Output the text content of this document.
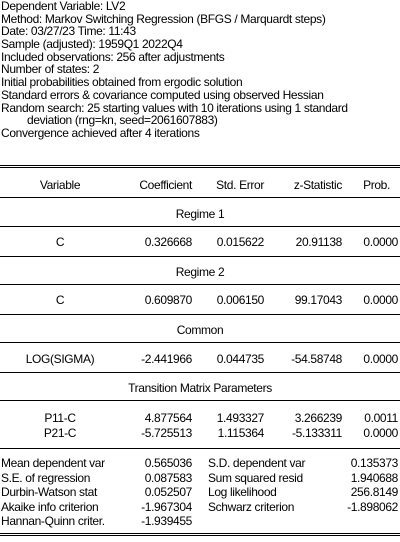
Dependent Variable: LV2
Method: Markov Switching Regression (BFGS / Marquardt steps)
Date: 03/27/23 Time: 11:43
Sample (adjusted): 1959Q1 2022Q4
Included observations: 256 after adjustments
Number of states: 2
Initial probabilities obtained from ergodic solution
Standard errors & covariance computed using observed Hessian
Random search: 25 starting values with 10 iterations using 1 standard
deviation (rng=kn, seed=2061607883)
Convergence achieved after 4 iterations
Variable	Coefficient	Std. Error	z-Statistic	Prob.
Regime 1
C	0.326668	0.015622	20.91138	0.0000
Regime 2
C	0.609870	0.006150	99.17043	0.0000
Common
LOG(SIGMA)	-2.441966	0.044735	-54.58748	0.0000
Transition Matrix Parameters
P11-C	4.877564	1.493327	3.266239	0.0011
P21-C	-5.725513	1.115364	-5.133311	0.0000
Mean dependent var	0.565036 S.D. dependent var	0.135373
S.E. of regression	0.087583 Sum squared resid	1.940688
Durbin-Watson stat	0.052507 Log likelihood	256.8149
Akaike info criterion	-1.967304 Schwarz criterion	-1.898062
Hannan-Quinn criter.	-1.939455
